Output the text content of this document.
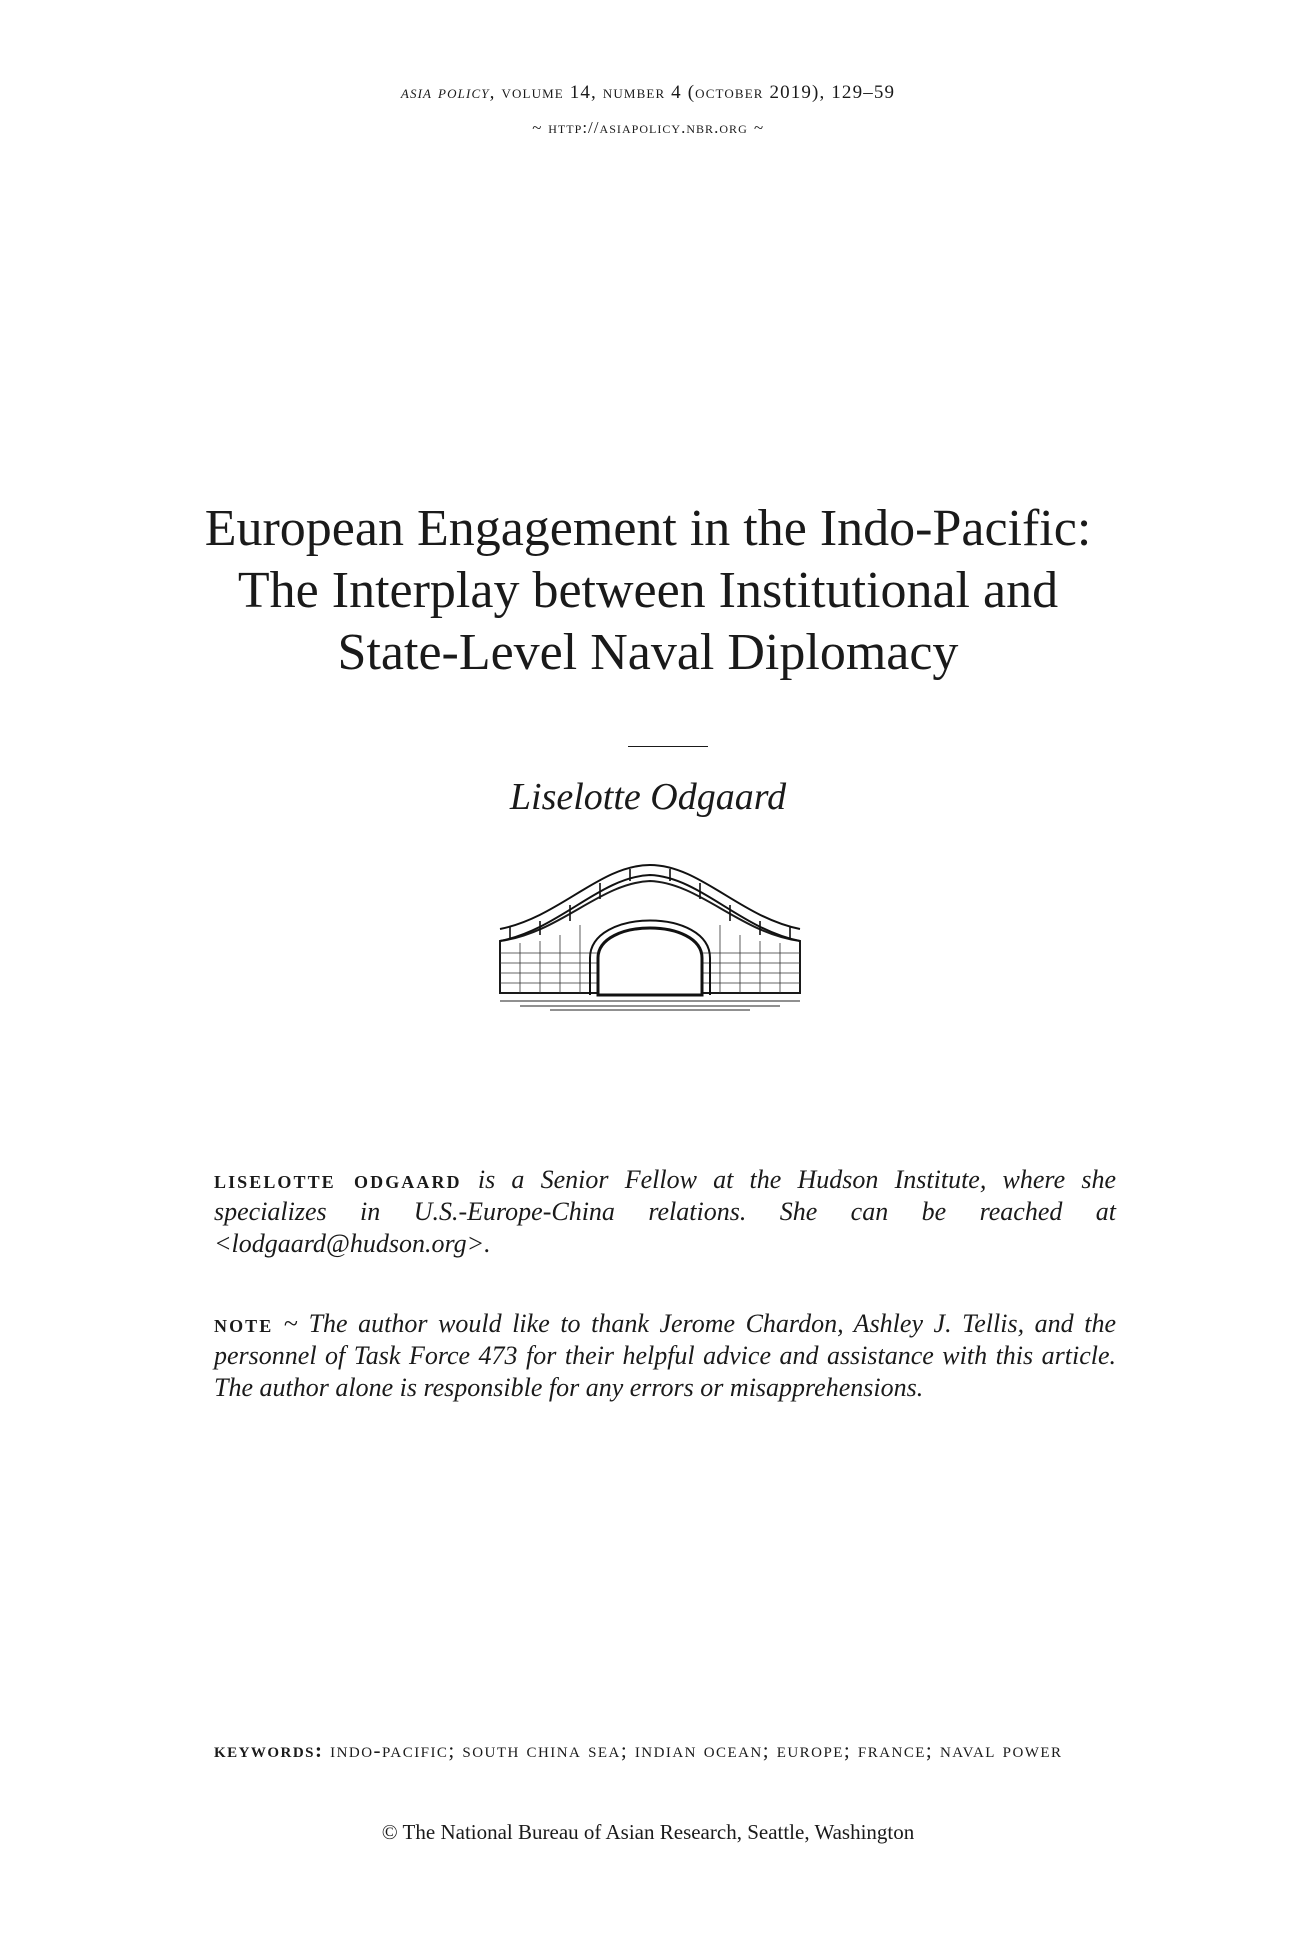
asia policy, volume 14, number 4 (october 2019), 129–59
~ http://asiapolicy.nbr.org ~
European Engagement in the Indo-Pacific:
The Interplay between Institutional and
State-Level Naval Diplomacy
Liselotte Odgaard
liselotte odgaard is a Senior Fellow at the Hudson Institute, where she specializes in U.S.-Europe-China relations. She can be reached at <lodgaard@hudson.org>.
note ~ The author would like to thank Jerome Chardon, Ashley J. Tellis, and the personnel of Task Force 473 for their helpful advice and assistance with this article. The author alone is responsible for any errors or misapprehensions.
keywords: indo-pacific; south china sea; indian ocean; europe; france; naval power
© The National Bureau of Asian Research, Seattle, Washington
